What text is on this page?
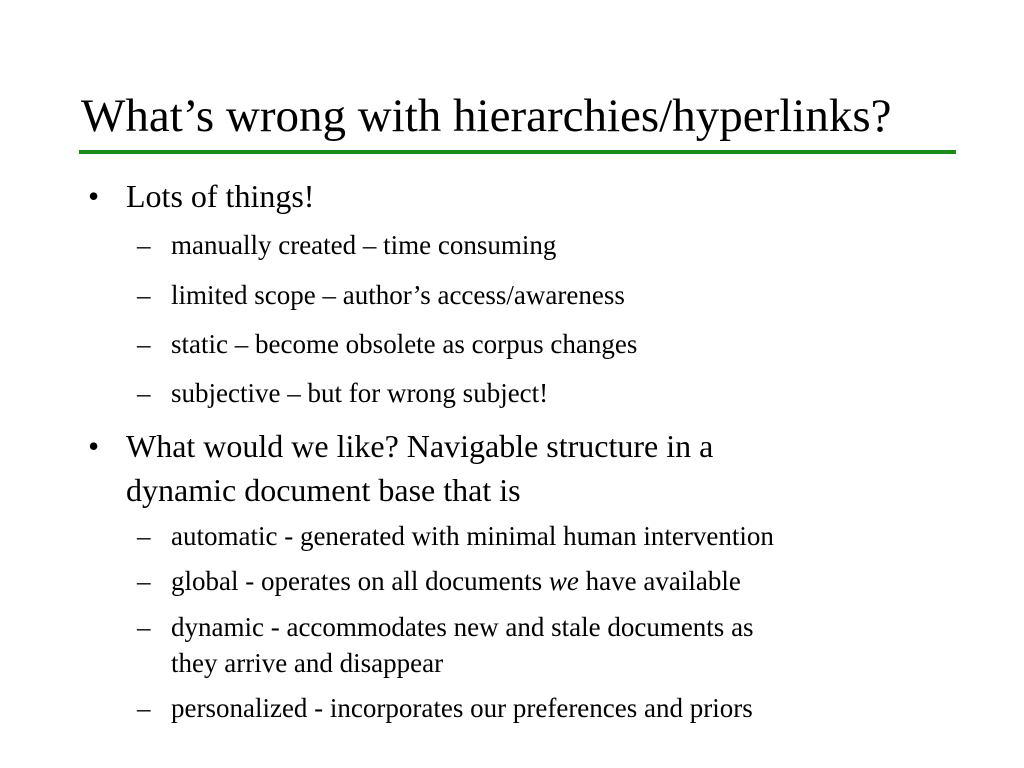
What’s wrong with hierarchies/hyperlinks?
• Lots of things!
– manually created – time consuming
– limited scope – author’s access/awareness
– static – become obsolete as corpus changes
– subjective – but for wrong subject!
• What would we like? Navigable structure in a
dynamic document base that is
– automatic - generated with minimal human intervention
– global - operates on all documents we have available
– dynamic - accommodates new and stale documents as
they arrive and disappear
– personalized - incorporates our preferences and priors
